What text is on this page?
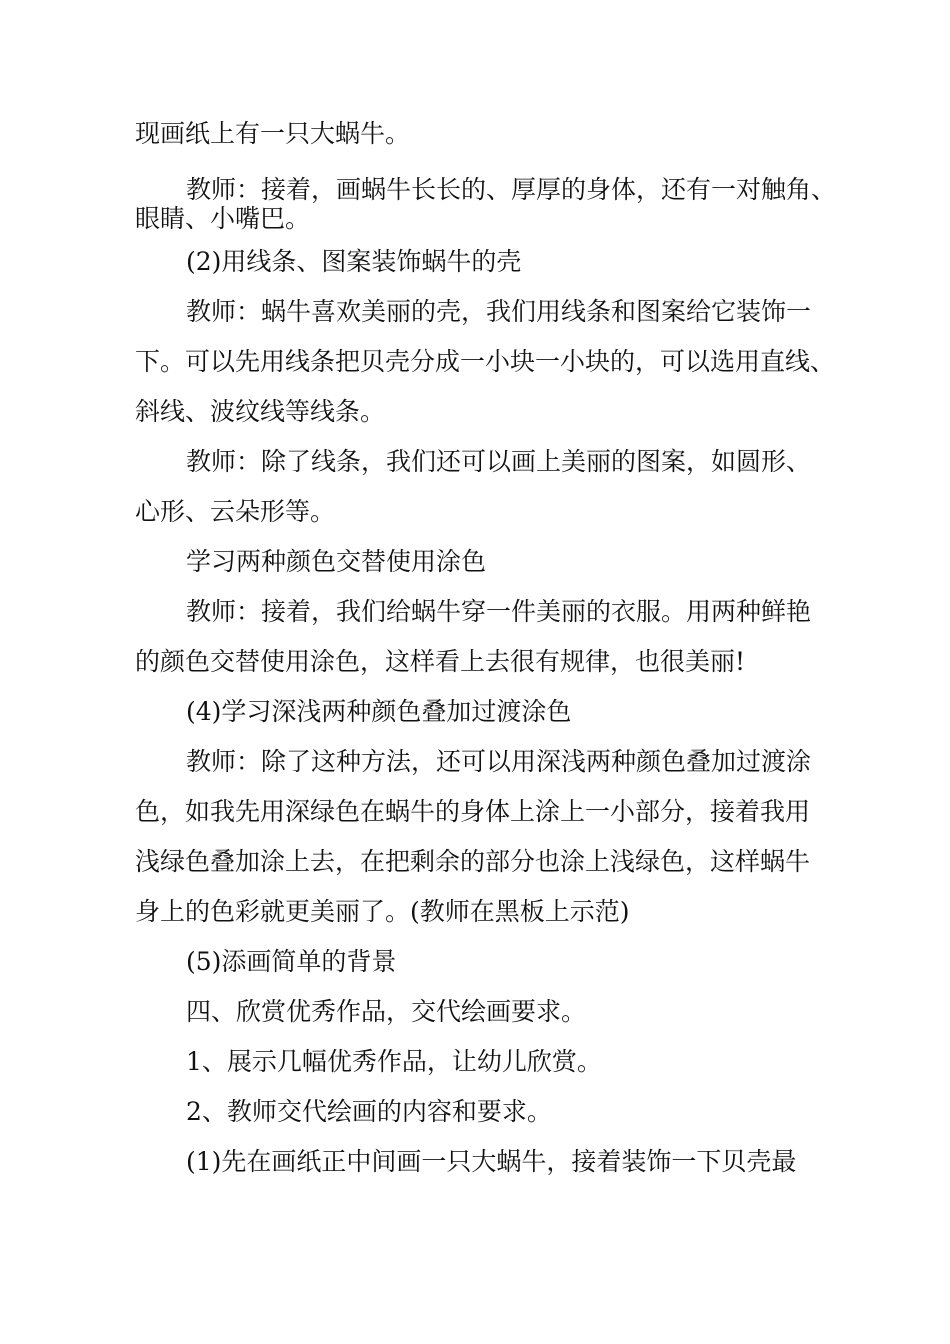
现画纸上有一只大蜗牛。
教师：接着，画蜗牛长长的、厚厚的身体，还有一对触角、
眼睛、小嘴巴。
(2)用线条、图案装饰蜗牛的壳
教师：蜗牛喜欢美丽的壳，我们用线条和图案给它装饰一
下。可以先用线条把贝壳分成一小块一小块的，可以选用直线、
斜线、波纹线等线条。
教师：除了线条，我们还可以画上美丽的图案，如圆形、
心形、云朵形等。
学习两种颜色交替使用涂色
教师：接着，我们给蜗牛穿一件美丽的衣服。用两种鲜艳
的颜色交替使用涂色，这样看上去很有规律，也很美丽!
(4)学习深浅两种颜色叠加过渡涂色
教师：除了这种方法，还可以用深浅两种颜色叠加过渡涂
色，如我先用深绿色在蜗牛的身体上涂上一小部分，接着我用
浅绿色叠加涂上去，在把剩余的部分也涂上浅绿色，这样蜗牛
身上的色彩就更美丽了。(教师在黑板上示范)
(5)添画简单的背景
四、欣赏优秀作品，交代绘画要求。
1、展示几幅优秀作品，让幼儿欣赏。
2、教师交代绘画的内容和要求。
(1)先在画纸正中间画一只大蜗牛，接着装饰一下贝壳最
